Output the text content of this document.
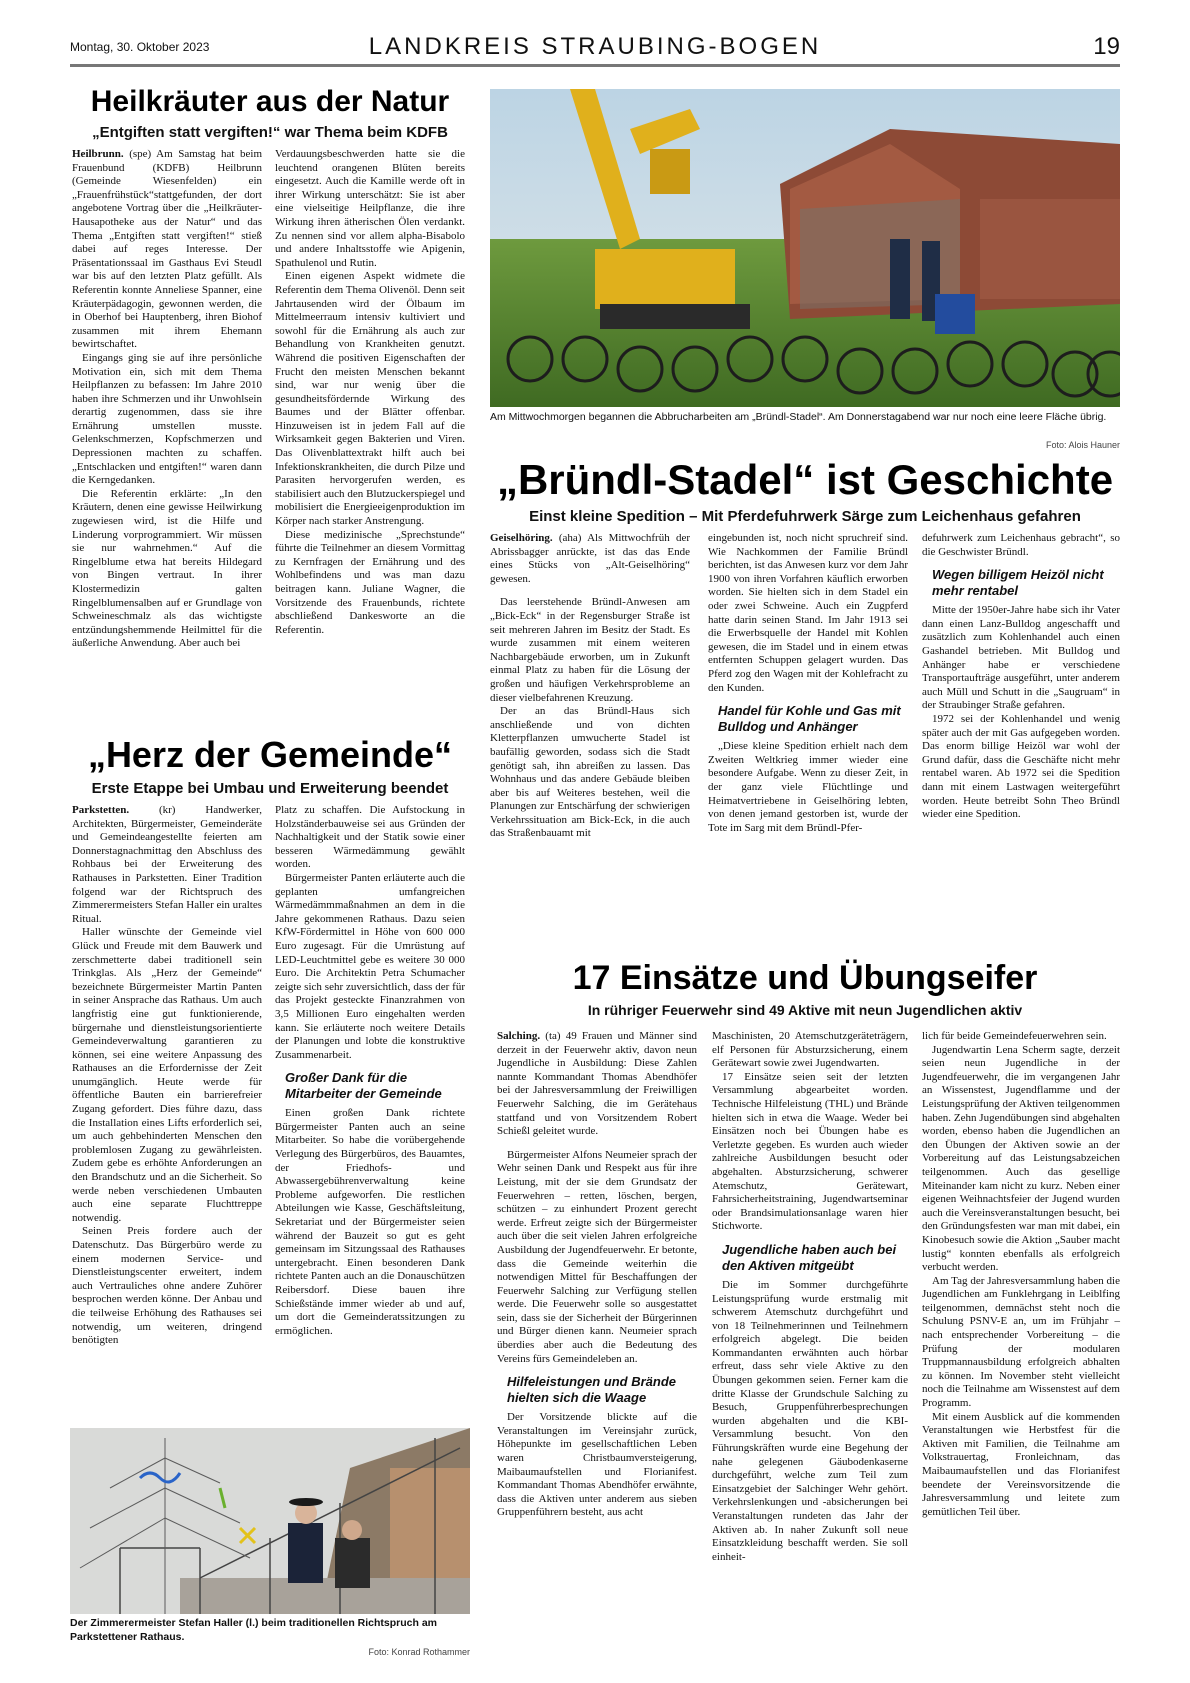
Montag, 30. Oktober 2023	LANDKREIS STRAUBING-BOGEN	19
Heilkräuter aus der Natur
„Entgiften statt vergiften!“ war Thema beim KDFB

Heilbrunn. (spe) Am Samstag hat beim Frauenbund (KDFB) Heilbrunn (Gemeinde Wiesenfelden) ein „Frauenfrühstück“stattgefunden, der dort angebotene Vortrag über die „Heilkräuter-Hausapotheke aus der Natur“ und das Thema „Entgiften statt vergiften!“ stieß dabei auf reges Interesse. Der Präsentationssaal im Gasthaus Evi Steudl war bis auf den letzten Platz gefüllt. Als Referentin konnte Anneliese Spanner, eine Kräuterpädagogin, gewonnen werden, die in Oberhof bei Hauptenberg, ihren Biohof zusammen mit ihrem Ehemann bewirtschaftet.

Eingangs ging sie auf ihre persönliche Motivation ein, sich mit dem Thema Heilpflanzen zu befassen: Im Jahre 2010 haben ihre Schmerzen und ihr Unwohlsein derartig zugenommen, dass sie ihre Ernährung umstellen musste. Gelenkschmerzen, Kopfschmerzen und Depressionen machten zu schaffen. „Entschlacken und entgiften!“ waren dann die Kerngedanken.

Die Referentin erklärte: „In den Kräutern, denen eine gewisse Heilwirkung zugewiesen wird, ist die Hilfe und Linderung vorprogrammiert. Wir müssen sie nur wahrnehmen.“ Auf die Ringelblume etwa hat bereits Hildegard von Bingen vertraut. In ihrer Klostermedizin galten Ringelblumensalben auf er Grundlage von Schweineschmalz als das wichtigste entzündungshemmende Heilmittel für die äußerliche Anwendung. Aber auch bei

Verdauungsbeschwerden hatte sie die leuchtend orangenen Blüten bereits eingesetzt. Auch die Kamille werde oft in ihrer Wirkung unterschätzt: Sie ist aber eine vielseitige Heilpflanze, die ihre Wirkung ihren ätherischen Ölen verdankt. Zu nennen sind vor allem alpha-Bisabolo und andere Inhaltsstoffe wie Apigenin, Spathulenol und Rutin.

Einen eigenen Aspekt widmete die Referentin dem Thema Olivenöl. Denn seit Jahrtausenden wird der Ölbaum im Mittelmeerraum intensiv kultiviert und sowohl für die Ernährung als auch zur Behandlung von Krankheiten genutzt. Während die positiven Eigenschaften der Frucht den meisten Menschen bekannt sind, war nur wenig über die gesundheitsfördernde Wirkung des Baumes und der Blätter offenbar. Hinzuweisen ist in jedem Fall auf die Wirksamkeit gegen Bakterien und Viren. Das Olivenblattextrakt hilft auch bei Infektionskrankheiten, die durch Pilze und Parasiten hervorgerufen werden, es stabilisiert auch den Blutzuckerspiegel und mobilisiert die Energieeigenproduktion im Körper nach starker Anstrengung.

Diese medizinische „Sprechstunde“ führte die Teilnehmer an diesem Vormittag zu Kernfragen der Ernährung und des Wohlbefindens und was man dazu beitragen kann. Juliane Wagner, die Vorsitzende des Frauenbunds, richtete abschließend Dankesworte an die Referentin.

Am Mittwochmorgen begannen die Abbrucharbeiten am „Bründl-Stadel“. Am Donnerstagabend war nur noch eine leere Fläche übrig.
Foto: Alois Hauner
„Bründl-Stadel“ ist Geschichte
Einst kleine Spedition – Mit Pferdefuhrwerk Särge zum Leichenhaus gefahren

Geiselhöring. (aha) Als Mittwochfrüh der Abrissbagger anrückte, ist das das Ende eines Stücks von „Alt-Geiselhöring“ gewesen.

Das leerstehende Bründl-Anwesen am „Bick-Eck“ in der Regensburger Straße ist seit mehreren Jahren im Besitz der Stadt. Es wurde zusammen mit einem weiteren Nachbargebäude erworben, um in Zukunft einmal Platz zu haben für die Lösung der großen und häufigen Verkehrsprobleme an dieser vielbefahrenen Kreuzung.

Der an das Bründl-Haus sich anschließende und von dichten Kletterpflanzen umwucherte Stadel ist baufällig geworden, sodass sich die Stadt genötigt sah, ihn abreißen zu lassen. Das Wohnhaus und das andere Gebäude bleiben aber bis auf Weiteres bestehen, weil die Planungen zur Entschärfung der schwierigen Verkehrssituation am Bick-Eck, in die auch das Straßenbauamt mit

eingebunden ist, noch nicht spruchreif sind. Wie Nachkommen der Familie Bründl berichten, ist das Anwesen kurz vor dem Jahr 1900 von ihren Vorfahren käuflich erworben worden. Sie hielten sich in dem Stadel ein oder zwei Schweine. Auch ein Zugpferd hatte darin seinen Stand. Im Jahr 1913 sei die Erwerbsquelle der Handel mit Kohlen gewesen, die im Stadel und in einem etwas entfernten Schuppen gelagert wurden. Das Pferd zog den Wagen mit der Kohlefracht zu den Kunden.

Handel für Kohle und Gas mit Bulldog und Anhänger

„Diese kleine Spedition erhielt nach dem Zweiten Weltkrieg immer wieder eine besondere Aufgabe. Wenn zu dieser Zeit, in der ganz viele Flüchtlinge und Heimatvertriebene in Geiselhöring lebten, von denen jemand gestorben ist, wurde der Tote im Sarg mit dem Bründl-Pfer-

defuhrwerk zum Leichenhaus gebracht“, so die Geschwister Bründl.

Wegen billigem Heizöl nicht mehr rentabel

Mitte der 1950er-Jahre habe sich ihr Vater dann einen Lanz-Bulldog angeschafft und zusätzlich zum Kohlenhandel auch einen Gashandel betrieben. Mit Bulldog und Anhänger habe er verschiedene Transportaufträge ausgeführt, unter anderem auch Müll und Schutt in die „Saugruam“ in der Straubinger Straße gefahren.

1972 sei der Kohlenhandel und wenig später auch der mit Gas aufgegeben worden. Das enorm billige Heizöl war wohl der Grund dafür, dass die Geschäfte nicht mehr rentabel waren. Ab 1972 sei die Spedition dann mit einem Lastwagen weitergeführt worden. Heute betreibt Sohn Theo Bründl wieder eine Spedition.

„Herz der Gemeinde“
Erste Etappe bei Umbau und Erweiterung beendet

Parkstetten.	(kr) Handwerker, Architekten, Bürgermeister, Gemeinderäte und Gemeindeangestellte feierten am Donnerstagnachmittag den Abschluss des Rohbaus bei der Erweiterung des Rathauses in Parkstetten. Einer Tradition folgend war der Richtspruch des Zimmerermeisters Stefan Haller ein uraltes Ritual.

Haller wünschte der Gemeinde viel Glück und Freude mit dem Bauwerk und zerschmetterte dabei traditionell sein Trinkglas. Als „Herz der Gemeinde“ bezeichnete Bürgermeister Martin Panten in seiner Ansprache das Rathaus. Um auch langfristig eine gut funktionierende, bürgernahe und dienstleistungsorientierte Gemeindeverwaltung garantieren zu können, sei eine weitere Anpassung des Rathauses an die Erfordernisse der Zeit unumgänglich. Heute werde für öffentliche Bauten ein barrierefreier Zugang gefordert. Dies führe dazu, dass die Installation eines Lifts erforderlich sei, um auch gehbehinderten Menschen den problemlosen Zugang zu gewährleisten. Zudem gebe es erhöhte Anforderungen an den Brandschutz und an die Sicherheit. So werde neben verschiedenen Umbauten auch eine separate Fluchttreppe notwendig.

Seinen Preis fordere auch der Datenschutz. Das Bürgerbüro werde zu einem modernen Service- und Dienstleistungscenter erweitert, indem auch Vertrauliches ohne andere Zuhörer besprochen werden könne. Der Anbau und die teilweise Erhöhung des Rathauses sei notwendig, um weiteren, dringend benötigten

Platz zu schaffen. Die Aufstockung in Holzständerbauweise sei aus Gründen der Nachhaltigkeit und der Statik sowie einer besseren Wärmedämmung gewählt worden.

Bürgermeister Panten erläuterte auch die geplanten umfangreichen Wärmedämmmaßnahmen an dem in die Jahre gekommenen Rathaus. Dazu seien KfW-Fördermittel in Höhe von 600 000 Euro zugesagt. Für die Umrüstung auf LED-Leuchtmittel gebe es weitere 30 000 Euro. Die Architektin Petra Schumacher zeigte sich sehr zuversichtlich, dass der für das Projekt gesteckte Finanzrahmen von 3,5 Millionen Euro eingehalten werden kann. Sie erläuterte noch weitere Details der Planungen und lobte die konstruktive Zusammenarbeit.

Großer Dank für die Mitarbeiter der Gemeinde

Einen großen Dank richtete Bürgermeister Panten auch an seine Mitarbeiter. So habe die vorübergehende Verlegung des Bürgerbüros, des Bauamtes, der Friedhofs- und Abwassergebührenverwaltung keine Probleme aufgeworfen. Die restlichen Abteilungen wie Kasse, Geschäftsleitung, Sekretariat und der Bürgermeister seien während der Bauzeit so gut es geht gemeinsam im Sitzungssaal des Rathauses untergebracht. Einen besonderen Dank richtete Panten auch an die Donauschützen Reibersdorf. Diese bauen ihre Schießstände immer wieder ab und auf, um dort die Gemeinderatssitzungen zu ermöglichen.

Der Zimmerermeister Stefan Haller (l.) beim traditionellen Richtspruch am Parkstettener Rathaus.
Foto: Konrad Rothammer
17 Einsätze und Übungseifer
In rühriger Feuerwehr sind 49 Aktive mit neun Jugendlichen aktiv

Salching. (ta) 49 Frauen und Männer sind derzeit in der Feuerwehr aktiv, davon neun Jugendliche in Ausbildung: Diese Zahlen nannte Kommandant Thomas Abendhöfer bei der Jahresversammlung der Freiwilligen Feuerwehr Salching, die im Gerätehaus stattfand und von Vorsitzendem Robert Schießl geleitet wurde.

Bürgermeister Alfons Neumeier sprach der Wehr seinen Dank und Respekt aus für ihre Leistung, mit der sie dem Grundsatz der Feuerwehren – retten, löschen, bergen, schützen – zu einhundert Prozent gerecht werde. Erfreut zeigte sich der Bürgermeister auch über die seit vielen Jahren erfolgreiche Ausbildung der Jugendfeuerwehr. Er betonte, dass die Gemeinde weiterhin die notwendigen Mittel für Beschaffungen der Feuerwehr Salching zur Verfügung stellen werde. Die Feuerwehr solle so ausgestattet sein, dass sie der Sicherheit der Bürgerinnen und Bürger dienen kann. Neumeier sprach überdies aber auch die Bedeutung des Vereins fürs Gemeindeleben an.

Hilfeleistungen und Brände hielten sich die Waage

Der Vorsitzende blickte auf die Veranstaltungen im Vereinsjahr zurück, Höhepunkte im gesellschaftlichen Leben waren Christbaumversteigerung, Maibaumaufstellen und Florianifest. Kommandant Thomas Abendhöfer erwähnte, dass die Aktiven unter anderem aus sieben Gruppenführern besteht, aus acht

Maschinisten, 20 Atemschutzgeräteträgern, elf Personen für Absturzsicherung, einem Gerätewart sowie zwei Jugendwarten.

17 Einsätze seien seit der letzten Versammlung abgearbeitet worden. Technische Hilfeleistung (THL) und Brände hielten sich in etwa die Waage. Weder bei Einsätzen noch bei Übungen habe es Verletzte gegeben. Es wurden auch wieder zahlreiche Ausbildungen besucht oder abgehalten. Absturzsicherung, schwerer Atemschutz, Gerätewart, Fahrsicherheitstraining, Jugendwartseminar oder Brandsimulationsanlage waren hier Stichworte.

Jugendliche haben auch bei den Aktiven mitgeübt

Die im Sommer durchgeführte Leistungsprüfung wurde erstmalig mit schwerem Atemschutz durchgeführt und von 18 Teilnehmerinnen und Teilnehmern erfolgreich abgelegt. Die beiden Kommandanten erwähnten auch hörbar erfreut, dass sehr viele Aktive zu den Übungen gekommen seien. Ferner kam die dritte Klasse der Grundschule Salching zu Besuch, Gruppenführerbesprechungen wurden abgehalten und die KBI-Versammlung besucht. Von den Führungskräften wurde eine Begehung der nahe gelegenen Gäubodenkaserne durchgeführt, welche zum Teil zum Einsatzgebiet der Salchinger Wehr gehört. Verkehrslenkungen und -absicherungen bei Veranstaltungen rundeten das Jahr der Aktiven ab. In naher Zukunft soll neue Einsatzkleidung beschafft werden. Sie soll einheit-

lich für beide Gemeindefeuerwehren sein.

Jugendwartin Lena Scherm sagte, derzeit seien neun Jugendliche in der Jugendfeuerwehr, die im vergangenen Jahr an Wissenstest, Jugendflamme und der Leistungsprüfung der Aktiven teilgenommen haben. Zehn Jugendübungen sind abgehalten worden, ebenso haben die Jugendlichen an den Übungen der Aktiven sowie an der Vorbereitung auf das Leistungsabzeichen teilgenommen. Auch das gesellige Miteinander kam nicht zu kurz. Neben einer eigenen Weihnachtsfeier der Jugend wurden auch die Vereinsveranstaltungen besucht, bei den Gründungsfesten war man mit dabei, ein Kinobesuch sowie die Aktion „Sauber macht lustig“ konnten ebenfalls als erfolgreich verbucht werden.

Am Tag der Jahresversammlung haben die Jugendlichen am Funklehrgang in Leiblfing teilgenommen, demnächst steht noch die Schulung PSNV-E an, um im Frühjahr – nach entsprechender Vorbereitung – die Prüfung der modularen Truppmannausbildung erfolgreich abhalten zu können. Im November steht vielleicht noch die Teilnahme am Wissenstest auf dem Programm.

Mit einem Ausblick auf die kommenden Veranstaltungen wie Herbstfest für die Aktiven mit Familien, die Teilnahme am Volkstrauertag, Fronleichnam, das Maibaumaufstellen und das Florianifest beendete der Vereinsvorsitzende die Jahresversammlung und leitete zum gemütlichen Teil über.
